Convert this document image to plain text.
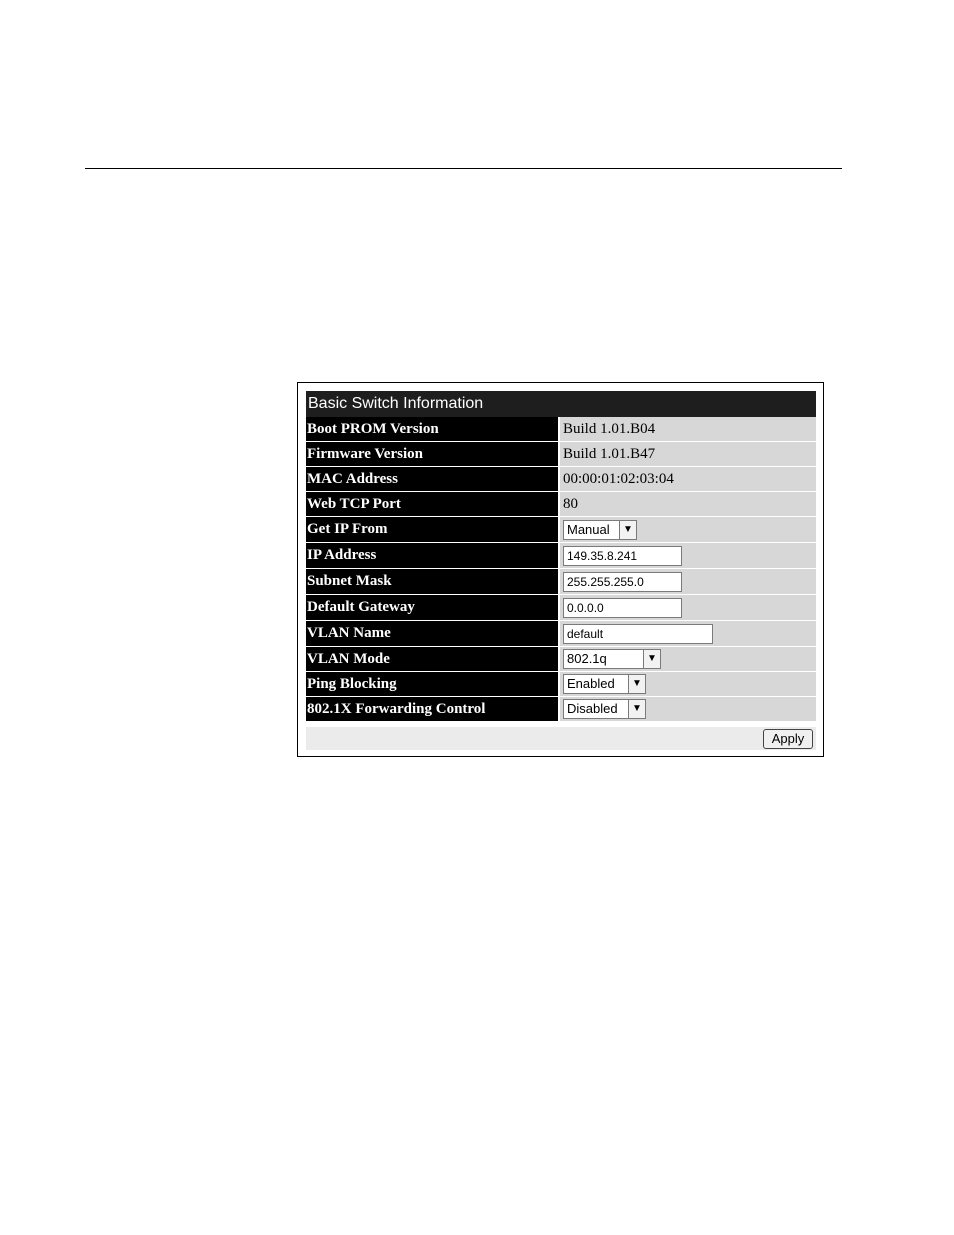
Basic Switch Information
Boot PROM Version	Build 1.01.B04
Firmware Version	Build 1.01.B47
MAC Address	00:00:01:02:03:04
Web TCP Port	80
Get IP From	Manual	▼
IP Address	149.35.8.241
Subnet Mask	255.255.255.0
Default Gateway	0.0.0.0
VLAN Name	default
VLAN Mode	802.1q	▼
Ping Blocking	Enabled	▼
802.1X Forwarding Control	Disabled	▼
Apply
